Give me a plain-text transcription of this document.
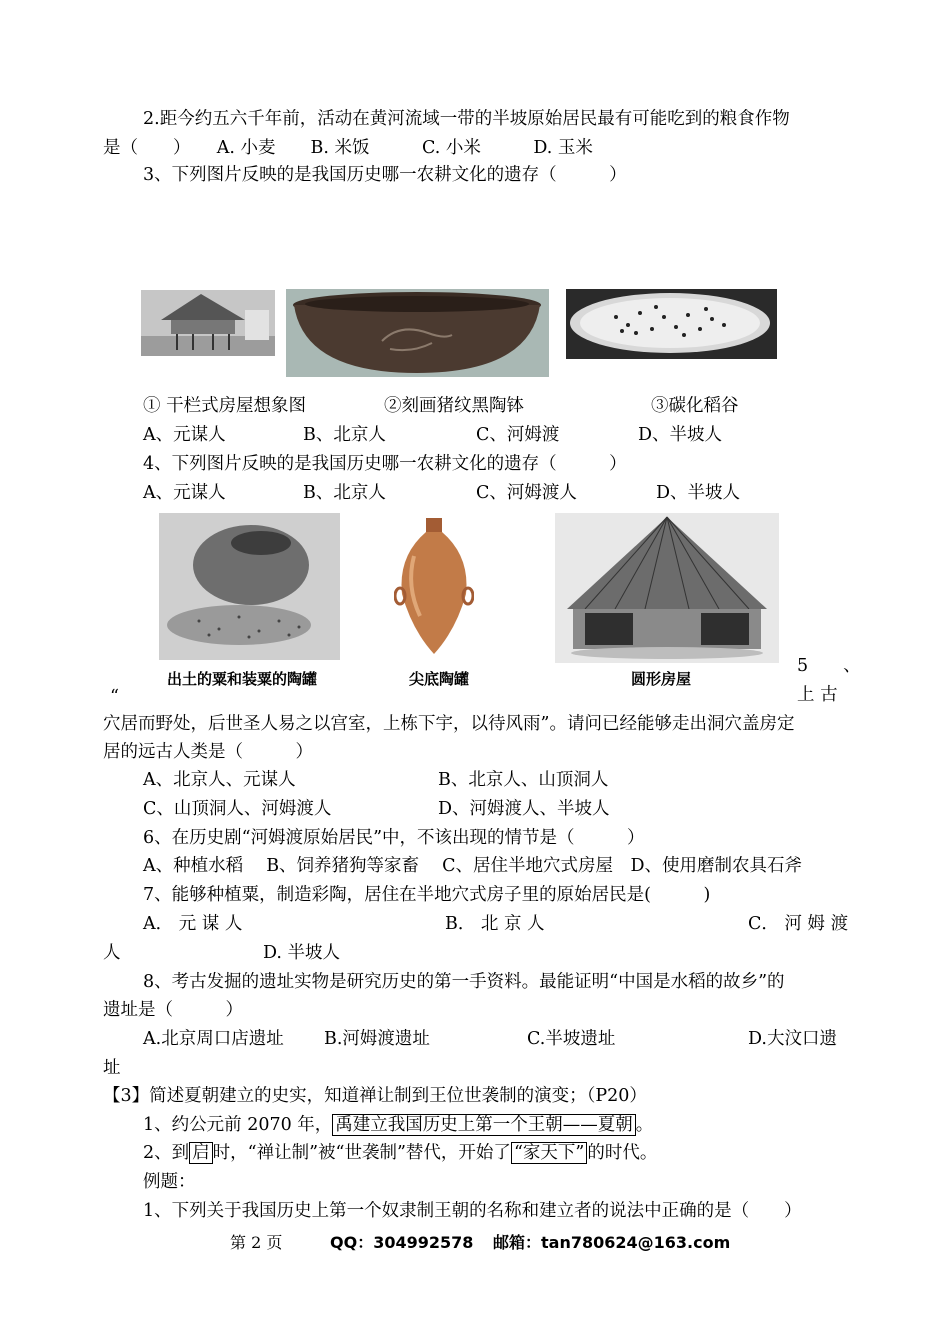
2.距今约五六千年前，活动在黄河流域一带的半坡原始居民最有可能吃到的粮食作物
是（　　）　　A. 小麦　　B. 米饭　　　C. 小米　　　D. 玉米
3、下列图片反映的是我国历史哪一农耕文化的遗存（　　　）
① 干栏式房屋想象图	②刻画猪纹黑陶钵	③碳化稻谷
A、元谋人	B、北京人	C、河姆渡	D、半坡人
4、下列图片反映的是我国历史哪一农耕文化的遗存（　　　）
A、元谋人	B、北京人	C、河姆渡人	D、半坡人
出土的粟和装粟的陶罐	尖底陶罐	圆形房屋
5　　、
“	上 古
穴居而野处，后世圣人易之以宫室，上栋下宇，以待风雨”。请问已经能够走出洞穴盖房定
居的远古人类是（　　　）
A、北京人、元谋人	B、北京人、山顶洞人
C、山顶洞人、河姆渡人	D、河姆渡人、半坡人
6、在历史剧“河姆渡原始居民”中，不该出现的情节是（　　　）
A、种植水稻　 B、饲养猪狗等家畜　 C、居住半地穴式房屋　D、使用磨制农具石斧
7、能够种植粟，制造彩陶，居住在半地穴式房子里的原始居民是(　　　)
A． 元 谋 人	B． 北 京 人	C． 河 姆 渡
人	D. 半坡人
8、考古发掘的遗址实物是研究历史的第一手资料。最能证明“中国是水稻的故乡”的
遗址是（　　　）
A.北京周口店遗址 B.河姆渡遗址	C.半坡遗址	D.大汶口遗
址
【3】简述夏朝建立的史实，知道禅让制到王位世袭制的演变；（P20）
1、约公元前 2070 年， 禹建立我国历史上第一个王朝——夏朝 。
2、到 启 时，“禅让制”被“世袭制”替代，开始了 “家天下” 的时代。
例题：
1、下列关于我国历史上第一个奴隶制王朝的名称和建立者的说法中正确的是（　　）
第 2 页	QQ：304992578 邮箱：tan780624@163.com
